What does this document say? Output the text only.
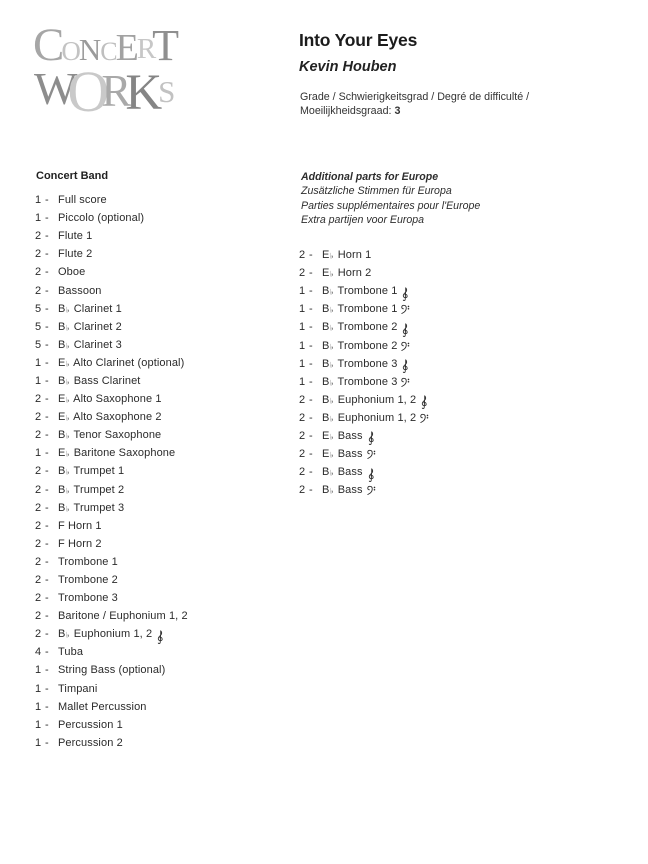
C
O
N C
E
R
T
W
O
R
K
S
Into Your Eyes
Kevin Houben
Grade / Schwierigkeitsgrad / Degré de difficulté /
Moeilijkheidsgraad: 3
Concert Band	Additional parts for Europe
Zusätzliche Stimmen für Europa
Parties supplémentaires pour l'Europe
Extra partijen voor Europa
1 - Full score
1 - Piccolo (optional)
2 - Flute 1
2 - Flute 2
2 - Oboe
2 - Bassoon
5 - B♭ Clarinet 1
5 - B♭ Clarinet 2
5 - B♭ Clarinet 3
1 - E♭ Alto Clarinet (optional)
1 - B♭ Bass Clarinet
2 - E♭ Alto Saxophone 1
2 - E♭ Alto Saxophone 2
2 - B♭ Tenor Saxophone
1 - E♭ Baritone Saxophone
2 - B♭ Trumpet 1
2 - B♭ Trumpet 2
2 - B♭ Trumpet 3
2 - F Horn 1
2 - F Horn 2
2 - Trombone 1
2 - Trombone 2
2 - Trombone 3
2 - Baritone / Euphonium 1, 2
2 - B♭ Euphonium 1, 2
4 - Tuba
1 - String Bass (optional)
1 - Timpani
1 - Mallet Percussion
1 - Percussion 1
1 - Percussion 2
2 - E♭ Horn 1
2 - E♭ Horn 2
1 - B♭ Trombone 1
1 - B♭ Trombone 1
1 - B♭ Trombone 2
1 - B♭ Trombone 2
1 - B♭ Trombone 3
1 - B♭ Trombone 3
2 - B♭ Euphonium 1, 2
2 - B♭ Euphonium 1, 2
2 - E♭ Bass
2 - E♭ Bass
2 - B♭ Bass
2 - B♭ Bass
